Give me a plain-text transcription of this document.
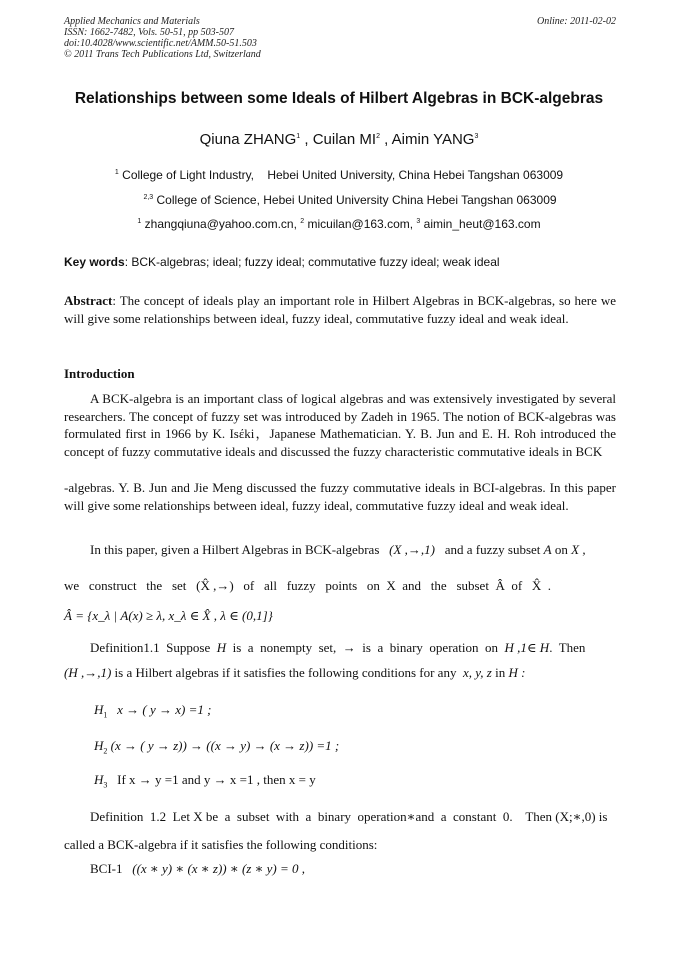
Applied Mechanics and Materials
ISSN: 1662-7482, Vols. 50-51, pp 503-507
doi:10.4028/www.scientific.net/AMM.50-51.503
© 2011 Trans Tech Publications Ltd, Switzerland
Online: 2011-02-02
Relationships between some Ideals of Hilbert Algebras in BCK-algebras
Qiuna ZHANG$^1$ , Cuilan $MI^2$ , Aimin YANG$^3$
$^1$ College of Light Industry,    Hebei United University, China Hebei Tangshan 063009
$^{2,3}$ College of Science, Hebei United University China Hebei Tangshan 063009
$^1$ zhangqiuna@yahoo.com.cn, $^2$ micuilan@163.com, $^3$ aimin_heut@163.com
Key words: BCK-algebras; ideal; fuzzy ideal; commutative fuzzy ideal; weak ideal
Abstract: The concept of ideals play an important role in Hilbert Algebras in BCK-algebras, so here we will give some relationships between ideal, fuzzy ideal, commutative fuzzy ideal and weak ideal.
Introduction
A BCK-algebra is an important class of logical algebras and was extensively investigated by several researchers. The concept of fuzzy set was introduced by Zadeh in 1965. The notion of BCK-algebras was formulated first in 1966 by K. Isέki，Japanese Mathematician. Y. B. Jun and E. H. Roh introduced the concept of fuzzy commutative ideals and discussed the fuzzy characteristic commutative ideals in BCK
-algebras. Y. B. Jun and Jie Meng discussed the fuzzy commutative ideals in BCI-algebras. In this paper will give some relationships between ideal, fuzzy ideal, commutative fuzzy ideal and weak ideal.
In this paper, given a Hilbert Algebras in BCK-algebras (X ,→,1) and a fuzzy subset A on X ,
we   construct   the   set   (X̂ ,→)   of   all   fuzzy   points   on  X  and   the   subset  Â  of   X̂  .
Â = {x_λ | A(x) ≥ λ, x_λ ∈ X̂ , λ ∈ (0,1]}
Definition1.1  Suppose H is  a  nonempty  set, → is  a  binary  operation  on H ,1∈ H.  Then
(H ,→,1) is a Hilbert algebras if it satisfies the following conditions for any x, y, z in H :
$H_1$ x → ( y → x) =1 ;
$H_2$ (x → ( y → z)) → ((x → y) → (x → z)) =1 ;
$H_3$ If x → y =1 and y → x =1 , then x = y
Definition  1.2  Let X be  a  subset  with  a  binary  operation∗and  a  constant  0.    Then (X;∗,0) is
called a BCK-algebra if it satisfies the following conditions:
BCI-1 ((x ∗ y) ∗ (x ∗ z)) ∗ (z ∗ y) = 0 ,
